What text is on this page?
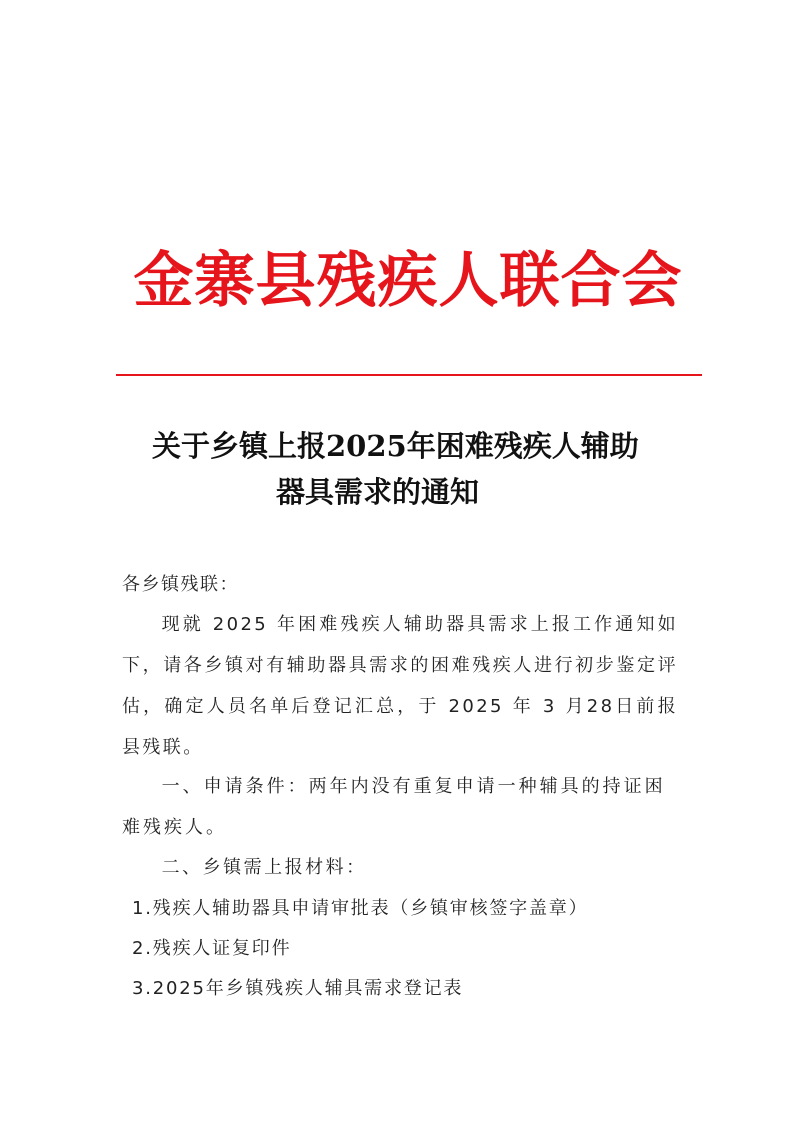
金寨县残疾人联合会
关于乡镇上报2025年困难残疾人辅助
器具需求的通知
各乡镇残联：
现就 2025 年困难残疾人辅助器具需求上报工作通知如下，请各乡镇对有辅助器具需求的困难残疾人进行初步鉴定评估，确定人员名单后登记汇总，于 2025 年 3 月28日前报县残联。
一、申请条件：两年内没有重复申请一种辅具的持证困难残疾人。
二、乡镇需上报材料：
1.残疾人辅助器具申请审批表（乡镇审核签字盖章）
2.残疾人证复印件
3.2025年乡镇残疾人辅具需求登记表
